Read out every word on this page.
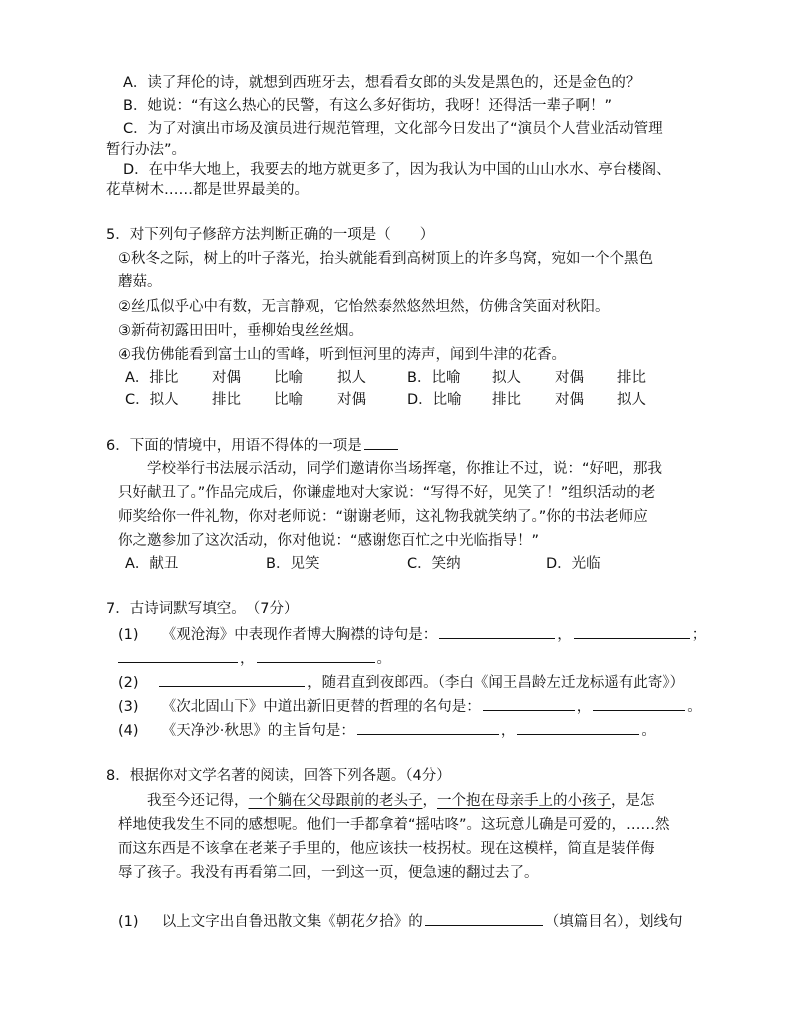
A．读了拜伦的诗，就想到西班牙去，想看看女郎的头发是黑色的，还是金色的？
B．她说：“有这么热心的民警，有这么多好街坊，我呀！还得活一辈子啊！”
C．为了对演出市场及演员进行规范管理，文化部今日发出了“演员个人营业活动管理
暂行办法”。
D．在中华大地上，我要去的地方就更多了，因为我认为中国的山山水水、亭台楼阁、
花草树木……都是世界最美的。
5．对下列句子修辞方法判断正确的一项是（　　）
①秋冬之际，树上的叶子落光，抬头就能看到高树顶上的许多鸟窝，宛如一个个黑色
蘑菇。
②丝瓜似乎心中有数，无言静观，它怡然泰然悠然坦然，仿佛含笑面对秋阳。
③新荷初露田田叶，垂柳始曳丝丝烟。
④我仿佛能看到富士山的雪峰，听到恒河里的涛声，闻到牛津的花香。
A．排比 对偶 比喻 拟人	B．比喻 拟人 对偶 排比
C．拟人 排比 比喻 对偶	D．比喻 排比 对偶 拟人
6．下面的情境中，用语不得体的一项是
学校举行书法展示活动，同学们邀请你当场挥毫，你推让不过，说：“好吧，那我
只好献丑了。”作品完成后，你谦虚地对大家说：“写得不好，见笑了！”组织活动的老
师奖给你一件礼物，你对老师说：“谢谢老师，这礼物我就笑纳了。”你的书法老师应
你之邀参加了这次活动，你对他说：“感谢您百忙之中光临指导！”
A．献丑	B．见笑	C．笑纳	D．光临
7．古诗词默写填空。　（7分）
(1) 《观沧海》中表现作者博大胸襟的诗句是：	，	；
，	。
(2)	，随君直到夜郎西。（李白《闻王昌龄左迁龙标遥有此寄》）
(3) 《次北固山下》中道出新旧更替的哲理的名句是：	，	。
(4) 《天净沙·秋思》的主旨句是：	，	。
8．根据你对文学名著的阅读，回答下列各题。（4分）
我至今还记得，一个躺在父母跟前的老头子，一个抱在母亲手上的小孩子，是怎
样地使我发生不同的感想呢。他们一手都拿着“摇咕咚”。这玩意儿确是可爱的，……然
而这东西是不该拿在老莱子手里的，他应该扶一枝拐杖。现在这模样，简直是装佯侮
辱了孩子。我没有再看第二回，一到这一页，便急速的翻过去了。
(1) 以上文字出自鲁迅散文集《朝花夕拾》的	（填篇目名），划线句
